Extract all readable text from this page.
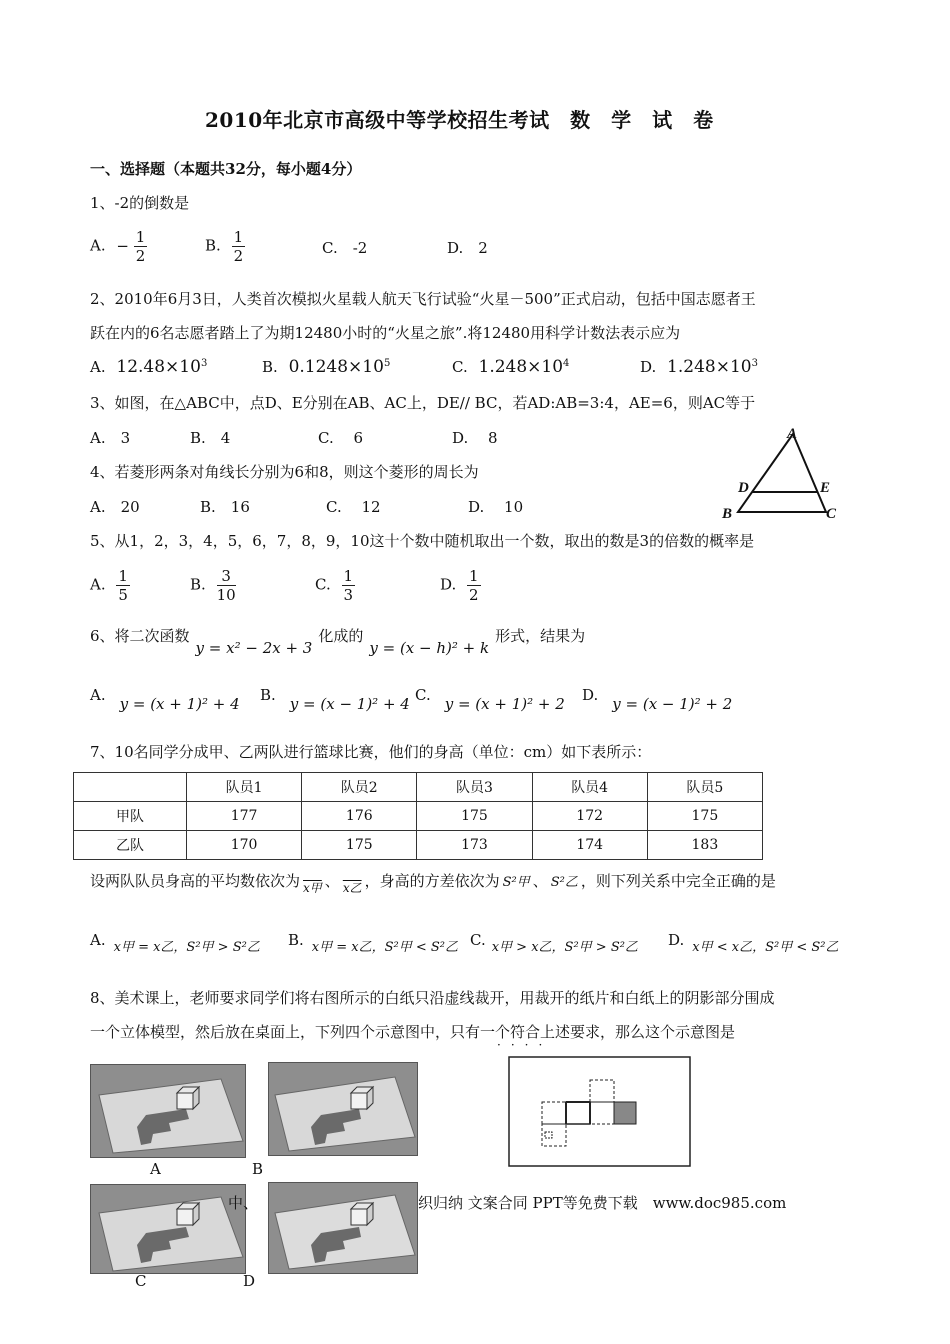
2010年北京市高级中等学校招生考试　数　学　试　卷
一、选择题（本题共32分，每小题4分）
1、-2的倒数是
A. − $\frac{1}{2}$	B. $\frac{1}{2}$	C.　-2	D.　2
2、2010年6月3日，人类首次模拟火星载人航天飞行试验“火星－500”正式启动，包括中国志愿者王
跃在内的6名志愿者踏上了为期12480小时的“火星之旅”.将12480用科学计数法表示应为
A. $12.48\times 10^3$	B. $0.1248\times 10^5$	C. $1.248\times 10^4$	D. $1.248\times 10^3$
3、如图，在△ABC中，点D、E分别在AB、AC上，DE// BC，若AD:AB=3:4，AE=6，则AC等于
A.　3	B.　4	C.　 6	D.　 8	A
D	E
B	C
4、若菱形两条对角线长分别为6和8，则这个菱形的周长为
A.　20	B.　16	C.　 12	D.　 10
5、从1，2，3，4，5，6，7，8，9，10这十个数中随机取出一个数，取出的数是3的倍数的概率是
A. $\frac{1}{5}$	B. $\frac{3}{10}$	C. $\frac{1}{3}$	D. $\frac{1}{2}$
6、将二次函数y = x² − 2x + 3化成的y = (x − h)² + k形式，结果为
A. y = (x + 1)² + 4 B. y = (x − 1)² + 4 C. y = (x + 1)² + 2 D. y = (x − 1)² + 2
7、10名同学分成甲、乙两队进行篮球比赛，他们的身高（单位：cm）如下表所示：
	队员1	队员2	队员3	队员4	队员5
甲队	177	176	175	172	175
乙队	170	175	173	174	183
设两队队员身高的平均数依次为 $_{x甲}$ 、 $_{x乙}$ ，身高的方差依次为 S²甲 、 S²乙 ，则下列关系中完全正确的是
A. x甲 = x乙，S²甲 > S²乙 B. x甲 = x乙，S²甲 < S²乙 C. x甲 > x乙，S²甲 > S²乙 D. x甲 < x乙，S²甲 < S²乙
8、美术课上，老师要求同学们将右图所示的白纸只沿虚线裁开，用裁开的纸片和白纸上的阴影部分围成
一个立体模型，然后放在桌面上，下列四个示意图中，只有一个符合上述要求，那么这个示意图是
····
A	B
C	D
中、	织归纳 文案合同 PPT等免费下载　www.doc985.com
